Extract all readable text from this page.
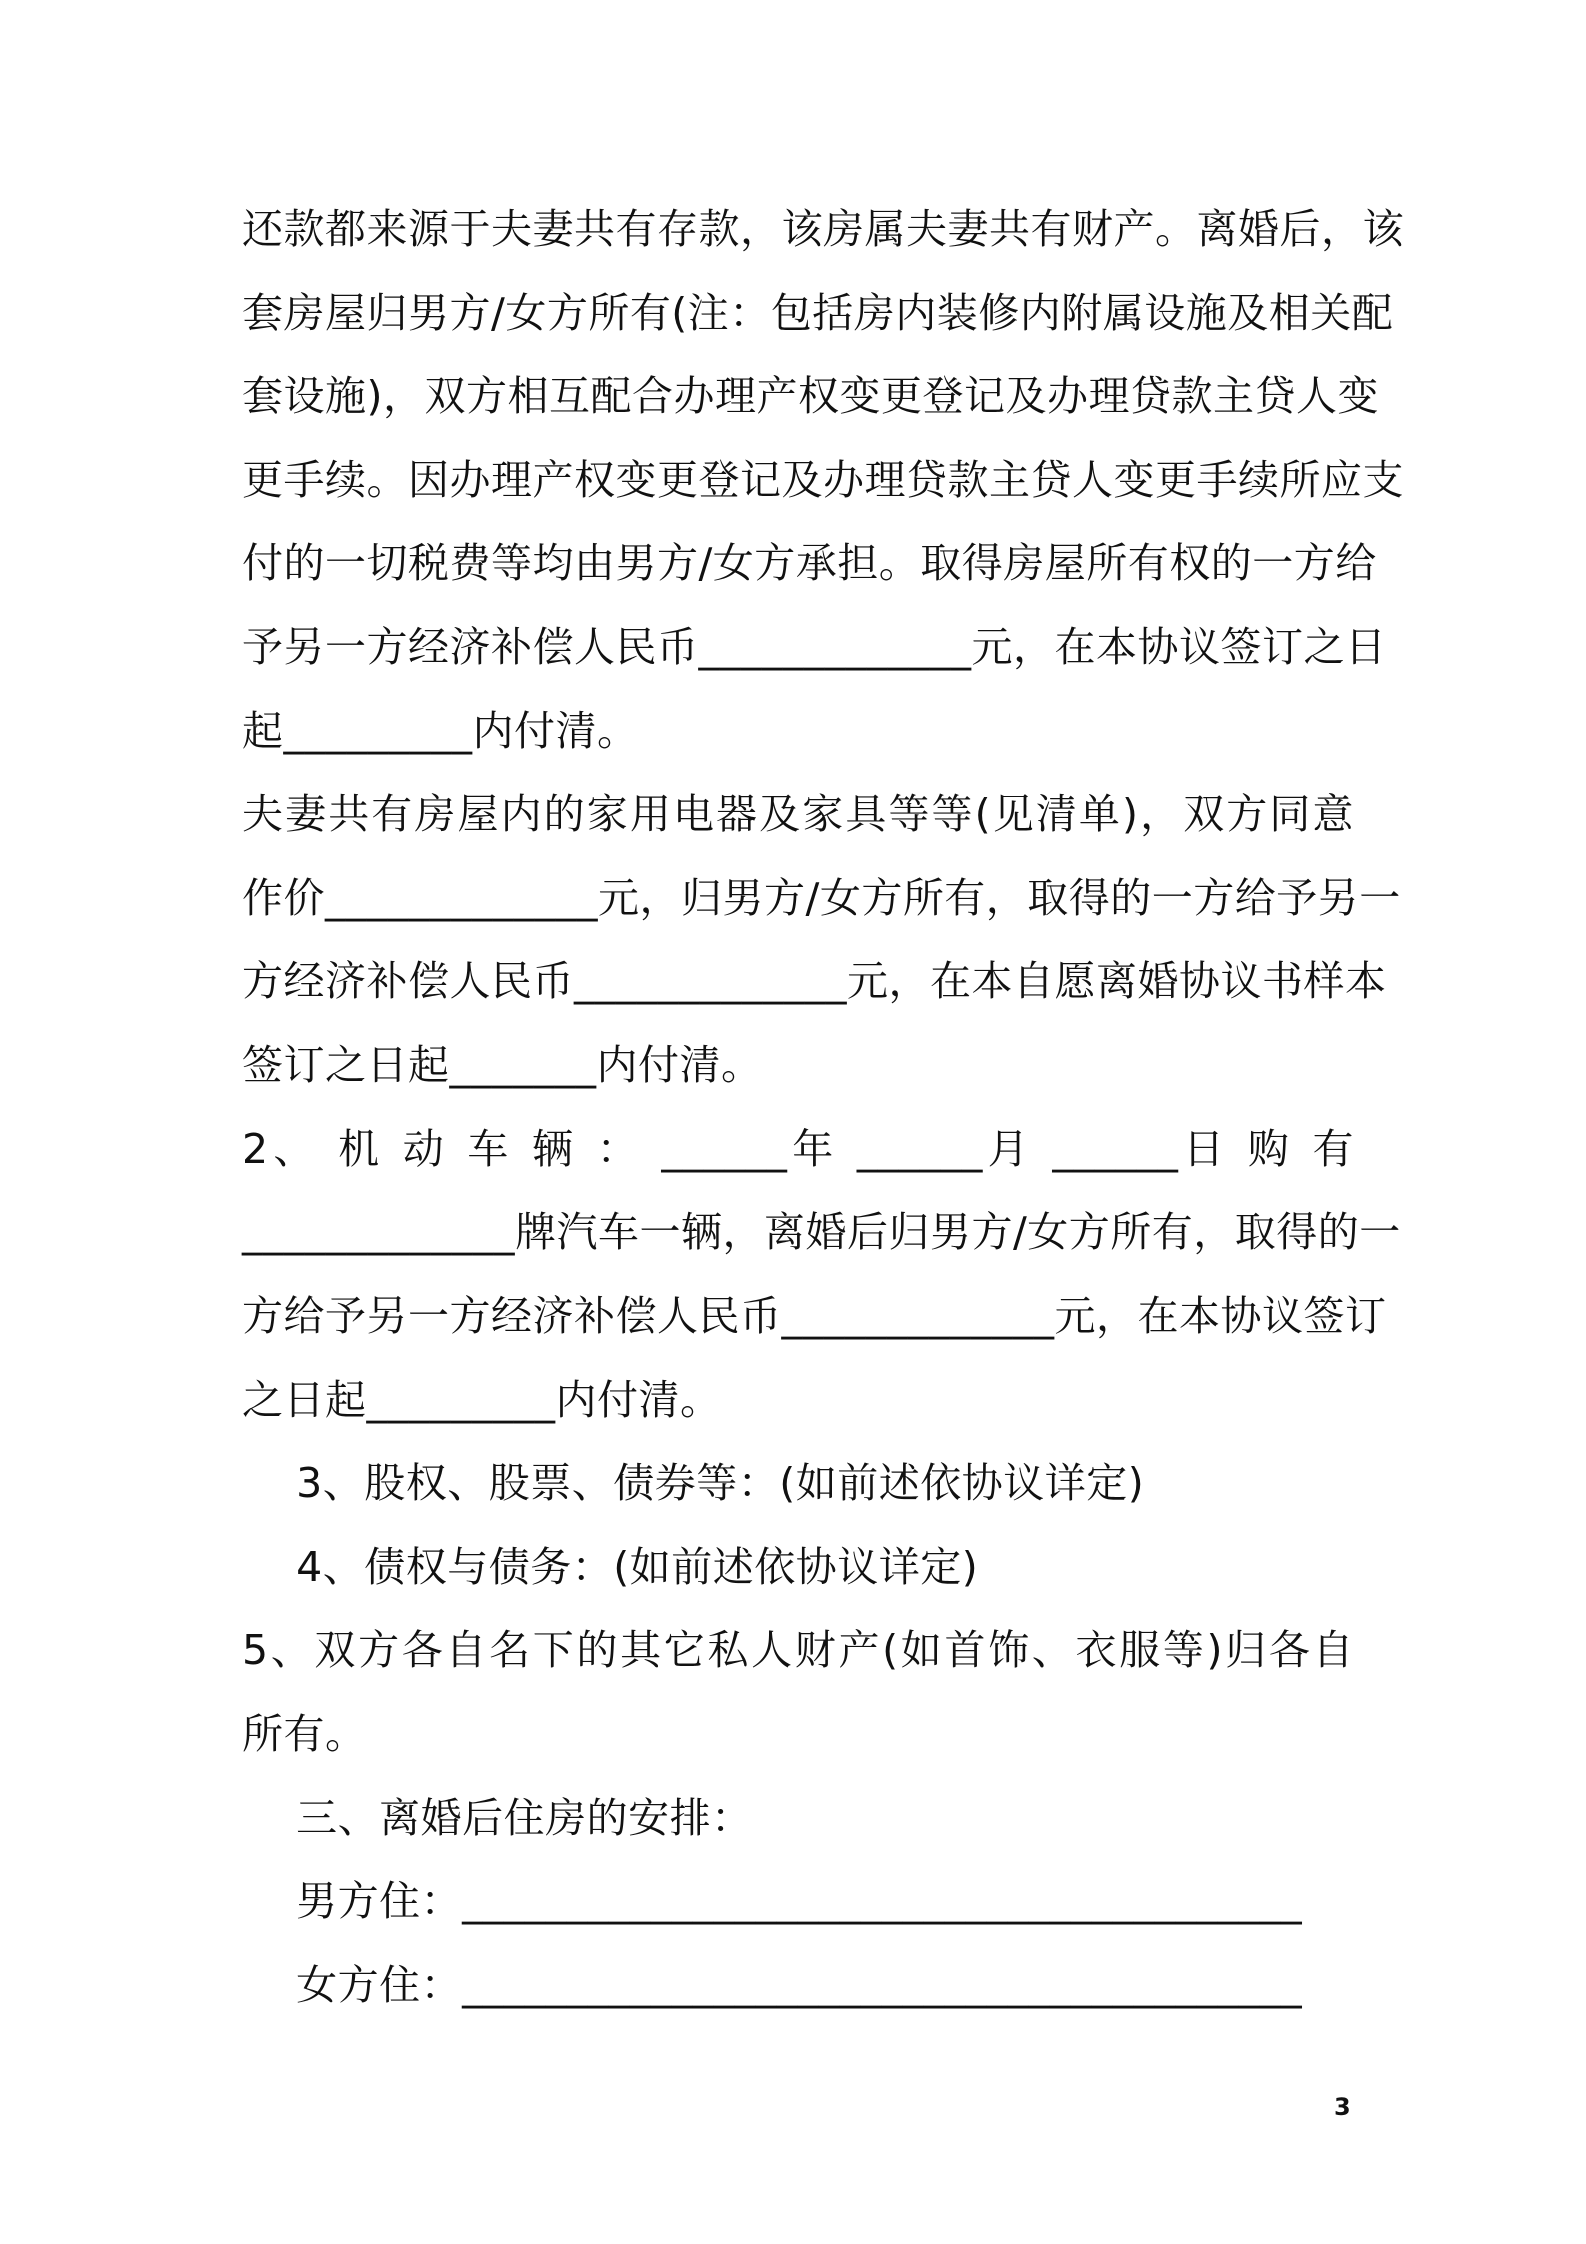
还款都来源于夫妻共有存款，该房属夫妻共有财产。离婚后，该
套房屋归男方/女方所有(注：包括房内装修内附属设施及相关配
套设施)，双方相互配合办理产权变更登记及办理贷款主贷人变
更手续。因办理产权变更登记及办理贷款主贷人变更手续所应支
付的一切税费等均由男方/女方承担。取得房屋所有权的一方给
予另一方经济补偿人民币_____________元，在本协议签订之日
起_________内付清。
夫妻共有房屋内的家用电器及家具等等(见清单)，双方同意
作价_____________元，归男方/女方所有，取得的一方给予另一
方经济补偿人民币_____________元，在本自愿离婚协议书样本
签订之日起_______内付清。
2、 机 动 车 辆 ： ______年 ______月 ______日 购 有
_____________牌汽车一辆，离婚后归男方/女方所有，取得的一
方给予另一方经济补偿人民币_____________元，在本协议签订
之日起_________内付清。
3、股权、股票、债券等：(如前述依协议详定)
4、债权与债务：(如前述依协议详定)
5、双方各自名下的其它私人财产(如首饰、衣服等)归各自
所有。
三、离婚后住房的安排：
男方住：________________________________________
女方住：________________________________________
3
